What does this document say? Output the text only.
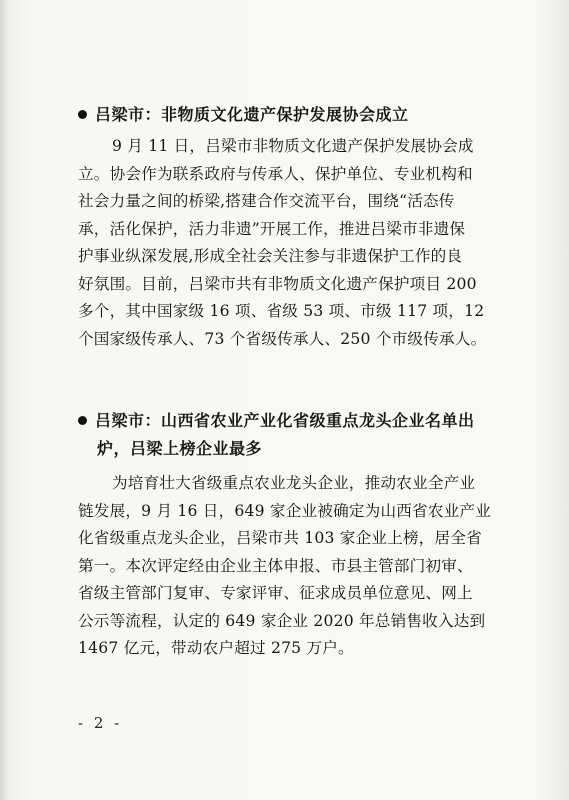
吕梁市：非物质文化遗产保护发展协会成立

9 月 11 日，吕梁市非物质文化遗产保护发展协会成
立。协会作为联系政府与传承人、保护单位、专业机构和
社会力量之间的桥梁,搭建合作交流平台，围绕“活态传
承，活化保护，活力非遗”开展工作，推进吕梁市非遗保
护事业纵深发展,形成全社会关注参与非遗保护工作的良
好氛围。目前，吕梁市共有非物质文化遗产保护项目 200
多个，其中国家级 16 项、省级 53 项、市级 117 项，12
个国家级传承人、73 个省级传承人、250 个市级传承人。

吕梁市：山西省农业产业化省级重点龙头企业名单出
炉，吕梁上榜企业最多

为培育壮大省级重点农业龙头企业，推动农业全产业
链发展，9 月 16 日，649 家企业被确定为山西省农业产业
化省级重点龙头企业，吕梁市共 103 家企业上榜，居全省
第一。本次评定经由企业主体申报、市县主管部门初审、
省级主管部门复审、专家评审、征求成员单位意见、网上
公示等流程，认定的 649 家企业 2020 年总销售收入达到
1467 亿元，带动农户超过 275 万户。
- 2 -
